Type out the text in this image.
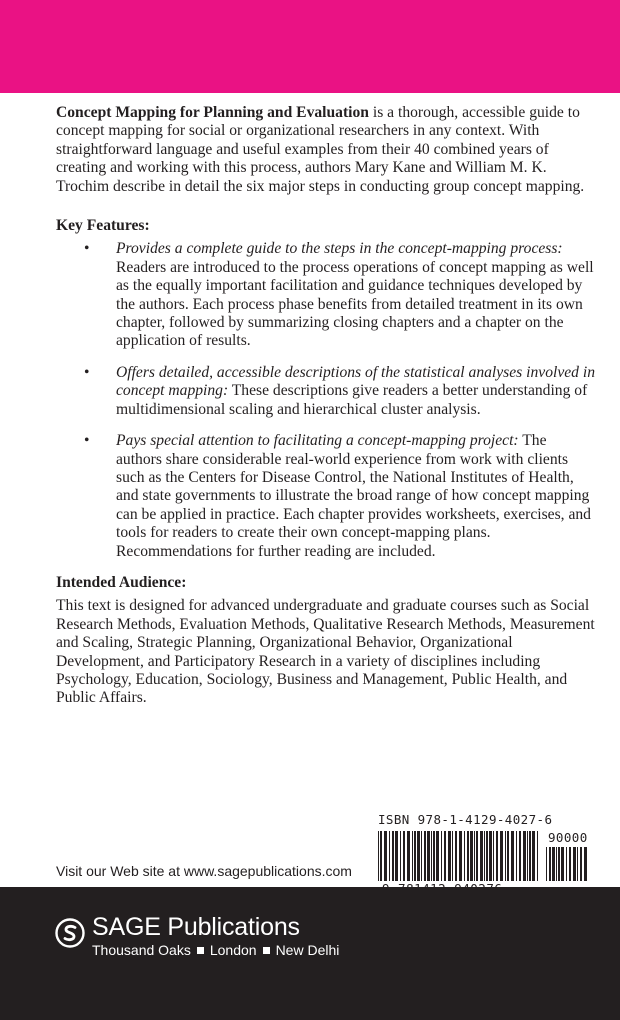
Concept Mapping for Planning and Evaluation is a thorough, accessible guide to concept mapping for social or organizational researchers in any context. With straightforward language and useful examples from their 40 combined years of creating and working with this process, authors Mary Kane and William M. K. Trochim describe in detail the six major steps in conducting group concept mapping.

Key Features:
• Provides a complete guide to the steps in the concept-mapping process: Readers are introduced to the process operations of concept mapping as well as the equally important facilitation and guidance techniques developed by the authors. Each process phase benefits from detailed treatment in its own chapter, followed by summarizing closing chapters and a chapter on the application of results.
• Offers detailed, accessible descriptions of the statistical analyses involved in concept mapping: These descriptions give readers a better understanding of multidimensional scaling and hierarchical cluster analysis.
• Pays special attention to facilitating a concept-mapping project: The authors share considerable real-world experience from work with clients such as the Centers for Disease Control, the National Institutes of Health, and state governments to illustrate the broad range of how concept mapping can be applied in practice. Each chapter provides worksheets, exercises, and tools for readers to create their own concept-mapping plans. Recommendations for further reading are included.
Intended Audience:

This text is designed for advanced undergraduate and graduate courses such as Social Research Methods, Evaluation Methods, Qualitative Research Methods, Measurement and Scaling, Strategic Planning, Organizational Behavior, Organizational Development, and Participatory Research in a variety of disciplines including Psychology, Education, Sociology, Business and Management, Public Health, and Public Affairs.

ISBN 978-1-4129-4027-6
90000
Visit our Web site at www.sagepublications.com
SAGE Publications
Thousand Oaks London New Delhi
